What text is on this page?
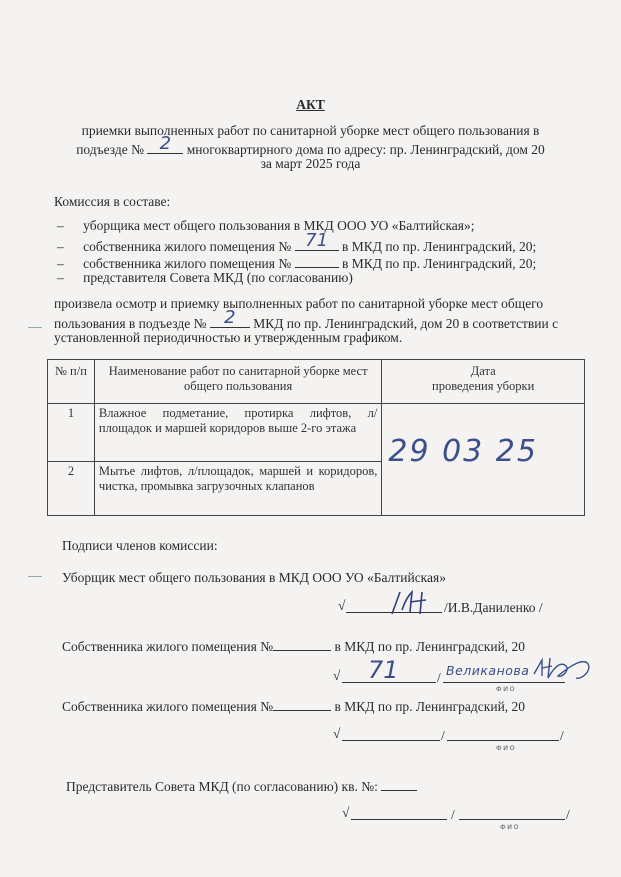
АКТ
приемки выполненных работ по санитарной уборке мест общего пользования в
подъезде № 2	многоквартирного дома по адресу: пр. Ленинградский, дом 20
за март 2025 года
Комиссия в составе:
– уборщика мест общего пользования в МКД ООО УО «Балтийская»;
– собственника жилого помещения № 71	в МКД по пр. Ленинградский, 20;
– собственника жилого помещения №	в МКД по пр. Ленинградский, 20;
– представителя Совета МКД (по согласованию)
произвела осмотр и приемку выполненных работ по санитарной уборке мест общего
пользования в подъезде № 2	МКД по пр. Ленинградский, дом 20 в соответствии с
установленной периодичностью и утвержденным графиком.
№ п/п	Наименование работ по санитарной уборке мест общего пользования	Дата
проведения уборки

1	Влажное подметание, протирка лифтов, л/площадок и маршей коридоров выше 2-го этажа	29 03 25

2	Мытье лифтов, л/площадок, маршей и коридоров, чистка, промывка загрузочных клапанов	
Подписи членов комиссии:
Уборщик мест общего пользования в МКД ООО УО «Балтийская»
√	/И.В.Даниленко /
Собственника жилого помещения №	в МКД по пр. Ленинградский, 20
√ 71	/ Великанова
ФИО
Собственника жилого помещения №	в МКД по пр. Ленинградский, 20
√	/	/
ФИО
Представитель Совета МКД (по согласованию) кв. №:
√	/	/
ФИО
